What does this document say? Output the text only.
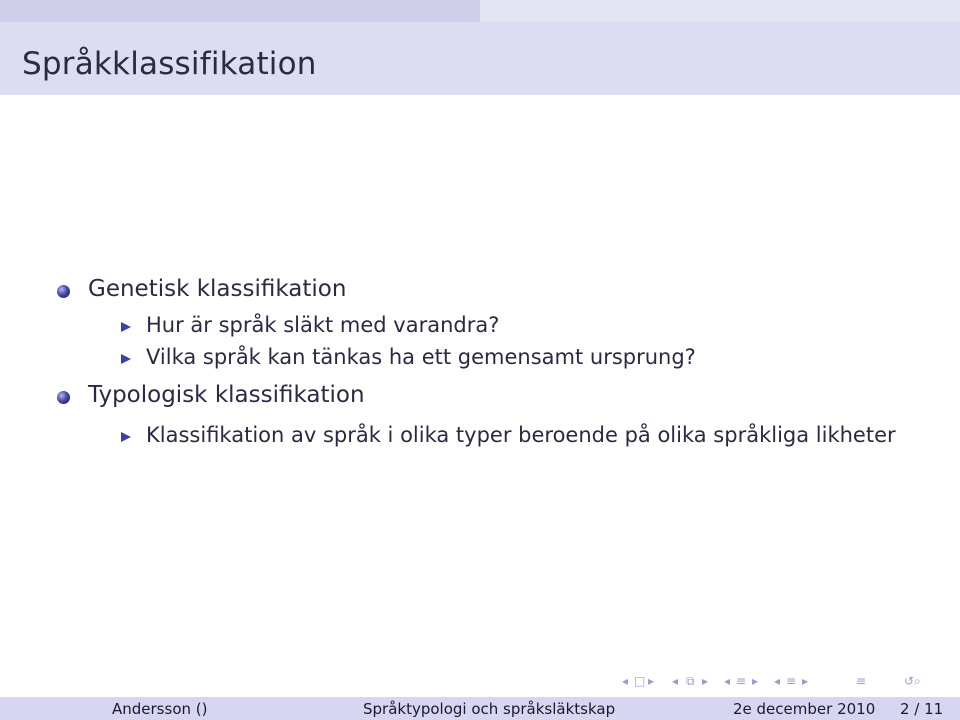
Språkklassifikation
Genetisk klassifikation
Hur är språk släkt med varandra?
Vilka språk kan tänkas ha ett gemensamt ursprung?
Typologisk klassifikation
Klassifikation av språk i olika typer beroende på olika språkliga likheter
◂ □ ▸ ◂ ⧉ ▸ ◂ ≡ ▸ ◂ ≡ ▸	≡	↺⌕
Andersson ()	Språktypologi och språksläktskap	2e december 2010 2 / 11
